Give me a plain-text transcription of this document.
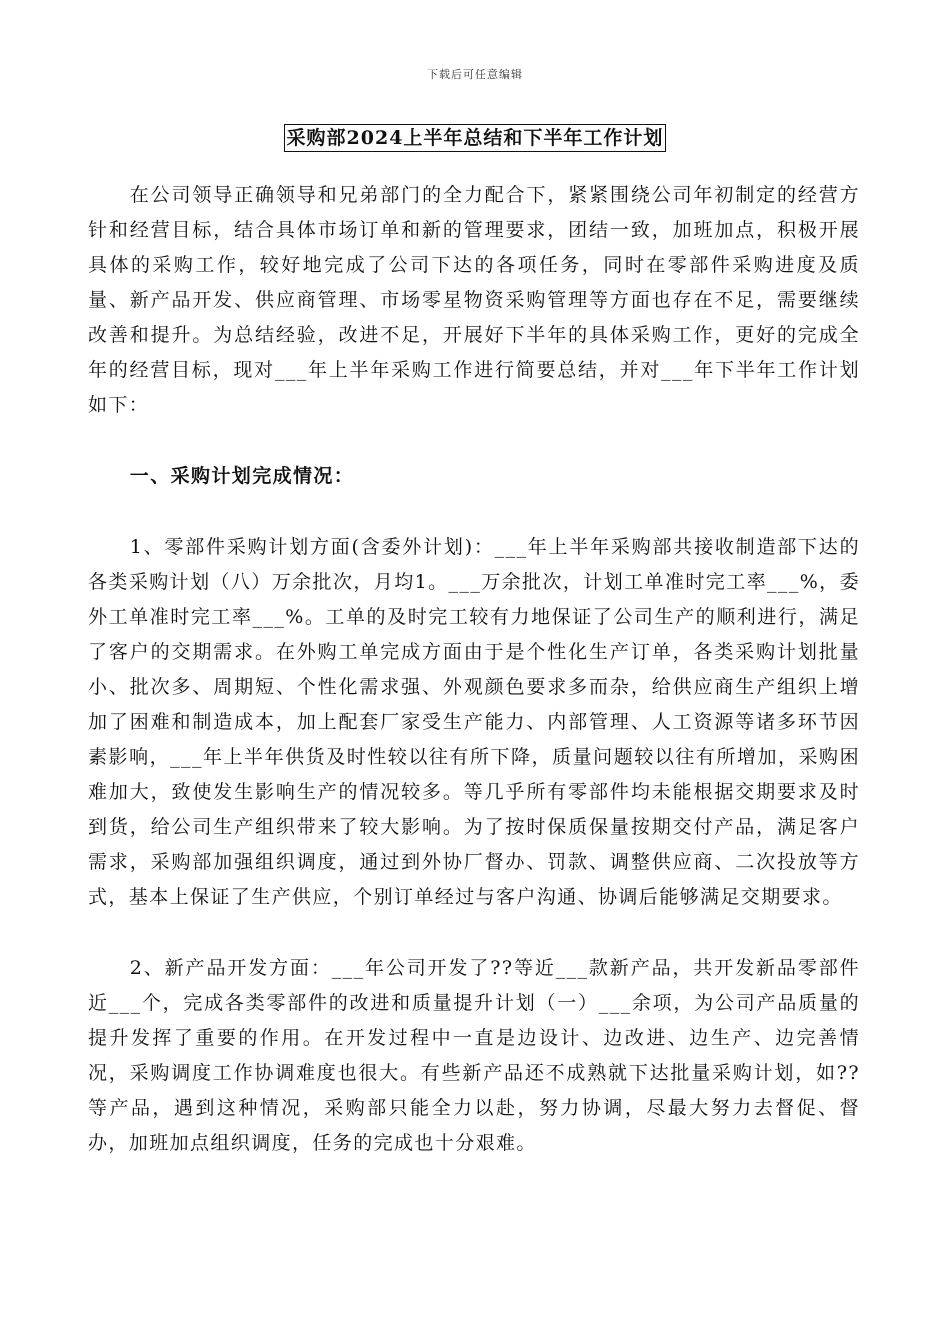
下载后可任意编辑
采购部2024上半年总结和下半年工作计划

在公司领导正确领导和兄弟部门的全力配合下，紧紧围绕公司年初制定的经营方针和经营目标，结合具体市场订单和新的管理要求，团结一致，加班加点，积极开展具体的采购工作，较好地完成了公司下达的各项任务，同时在零部件采购进度及质量、新产品开发、供应商管理、市场零星物资采购管理等方面也存在不足，需要继续改善和提升。为总结经验，改进不足，开展好下半年的具体采购工作，更好的完成全年的经营目标，现对___年上半年采购工作进行简要总结，并对___年下半年工作计划如下：

一、采购计划完成情况：

1、零部件采购计划方面(含委外计划)：___年上半年采购部共接收制造部下达的各类采购计划（八）万余批次，月均1。___万余批次，计划工单准时完工率___%，委外工单准时完工率___%。工单的及时完工较有力地保证了公司生产的顺利进行，满足了客户的交期需求。在外购工单完成方面由于是个性化生产订单，各类采购计划批量小、批次多、周期短、个性化需求强、外观颜色要求多而杂，给供应商生产组织上增加了困难和制造成本，加上配套厂家受生产能力、内部管理、人工资源等诸多环节因素影响，___年上半年供货及时性较以往有所下降，质量问题较以往有所增加，采购困难加大，致使发生影响生产的情况较多。等几乎所有零部件均未能根据交期要求及时到货，给公司生产组织带来了较大影响。为了按时保质保量按期交付产品，满足客户需求，采购部加强组织调度，通过到外协厂督办、罚款、调整供应商、二次投放等方式，基本上保证了生产供应，个别订单经过与客户沟通、协调后能够满足交期要求。

2、新产品开发方面：___年公司开发了??等近___款新产品，共开发新品零部件近___个，完成各类零部件的改进和质量提升计划（一）___余项，为公司产品质量的提升发挥了重要的作用。在开发过程中一直是边设计、边改进、边生产、边完善情况，采购调度工作协调难度也很大。有些新产品还不成熟就下达批量采购计划，如??等产品，遇到这种情况，采购部只能全力以赴，努力协调，尽最大努力去督促、督办，加班加点组织调度，任务的完成也十分艰难。
